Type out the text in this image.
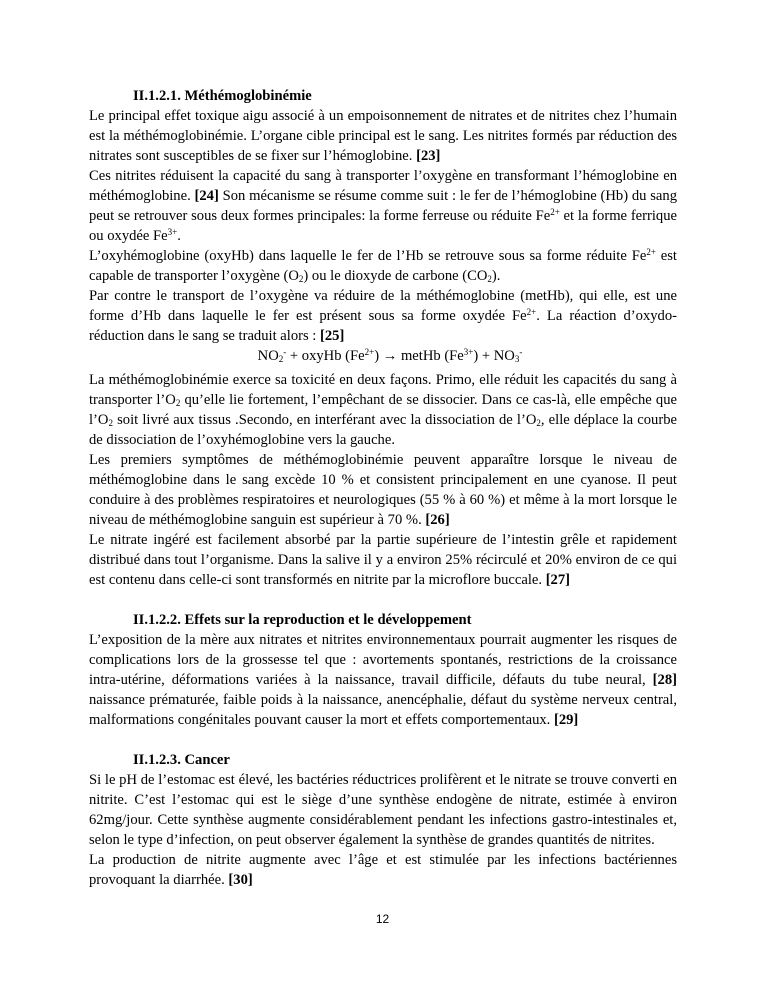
II.1.2.1. Méthémoglobinémie

Le principal effet toxique aigu associé à un empoisonnement de nitrates et de nitrites chez l’humain est la méthémoglobinémie. L’organe cible principal est le sang. Les nitrites formés par réduction des nitrates sont susceptibles de se fixer sur l’hémoglobine. [23]

Ces nitrites réduisent la capacité du sang à transporter l’oxygène en transformant l’hémoglobine en méthémoglobine. [24] Son mécanisme se résume comme suit : le fer de l’hémoglobine (Hb) du sang peut se retrouver sous deux formes principales: la forme ferreuse ou réduite $Fe^{2+}$ et la forme ferrique ou oxydée $Fe^{3+}$.

L’oxyhémoglobine (oxyHb) dans laquelle le fer de l’Hb se retrouve sous sa forme réduite $Fe^{2+}$ est capable de transporter l’oxygène $(O_2)$ ou le dioxyde de carbone $(CO_2)$.

Par contre le transport de l’oxygène va réduire de la méthémoglobine (metHb), qui elle, est une forme d’Hb dans laquelle le fer est présent sous sa forme oxydée $Fe^{2+}$. La réaction d’oxydo-réduction dans le sang se traduit alors : [25]

$NO_2^-$ + oxyHb $(Fe^{2+})$ → metHb $(Fe^{3+}) + NO_3^-$

La méthémoglobinémie exerce sa toxicité en deux façons. Primo, elle réduit les capacités du sang à transporter $l’O_2$ qu’elle lie fortement, l’empêchant de se dissocier. Dans ce cas-là, elle empêche que $l’O_2$ soit livré aux tissus .Secondo, en interférant avec la dissociation de $l’O_2$, elle déplace la courbe de dissociation de l’oxyhémoglobine vers la gauche.

Les premiers symptômes de méthémoglobinémie peuvent apparaître lorsque le niveau de méthémoglobine dans le sang excède 10 % et consistent principalement en une cyanose. Il peut conduire à des problèmes respiratoires et neurologiques (55 % à 60 %) et même à la mort lorsque le niveau de méthémoglobine sanguin est supérieur à 70 %. [26]

Le nitrate ingéré est facilement absorbé par la partie supérieure de l’intestin grêle et rapidement distribué dans tout l’organisme. Dans la salive il y a environ 25% récirculé et 20% environ de ce qui est contenu dans celle-ci sont transformés en nitrite par la microflore buccale. [27]

II.1.2.2. Effets sur la reproduction et le développement

L’exposition de la mère aux nitrates et nitrites environnementaux pourrait augmenter les risques de complications lors de la grossesse tel que : avortements spontanés, restrictions de la croissance intra-utérine, déformations variées à la naissance, travail difficile, défauts du tube neural, [28] naissance prématurée, faible poids à la naissance, anencéphalie, défaut du système nerveux central, malformations congénitales pouvant causer la mort et effets comportementaux. [29]

II.1.2.3. Cancer

Si le pH de l’estomac est élevé, les bactéries réductrices prolifèrent et le nitrate se trouve converti en nitrite. C’est l’estomac qui est le siège d’une synthèse endogène de nitrate, estimée à environ 62mg/jour. Cette synthèse augmente considérablement pendant les infections gastro-intestinales et, selon le type d’infection, on peut observer également la synthèse de grandes quantités de nitrites.

La production de nitrite augmente avec l’âge et est stimulée par les infections bactériennes provoquant la diarrhée. [30]

12
